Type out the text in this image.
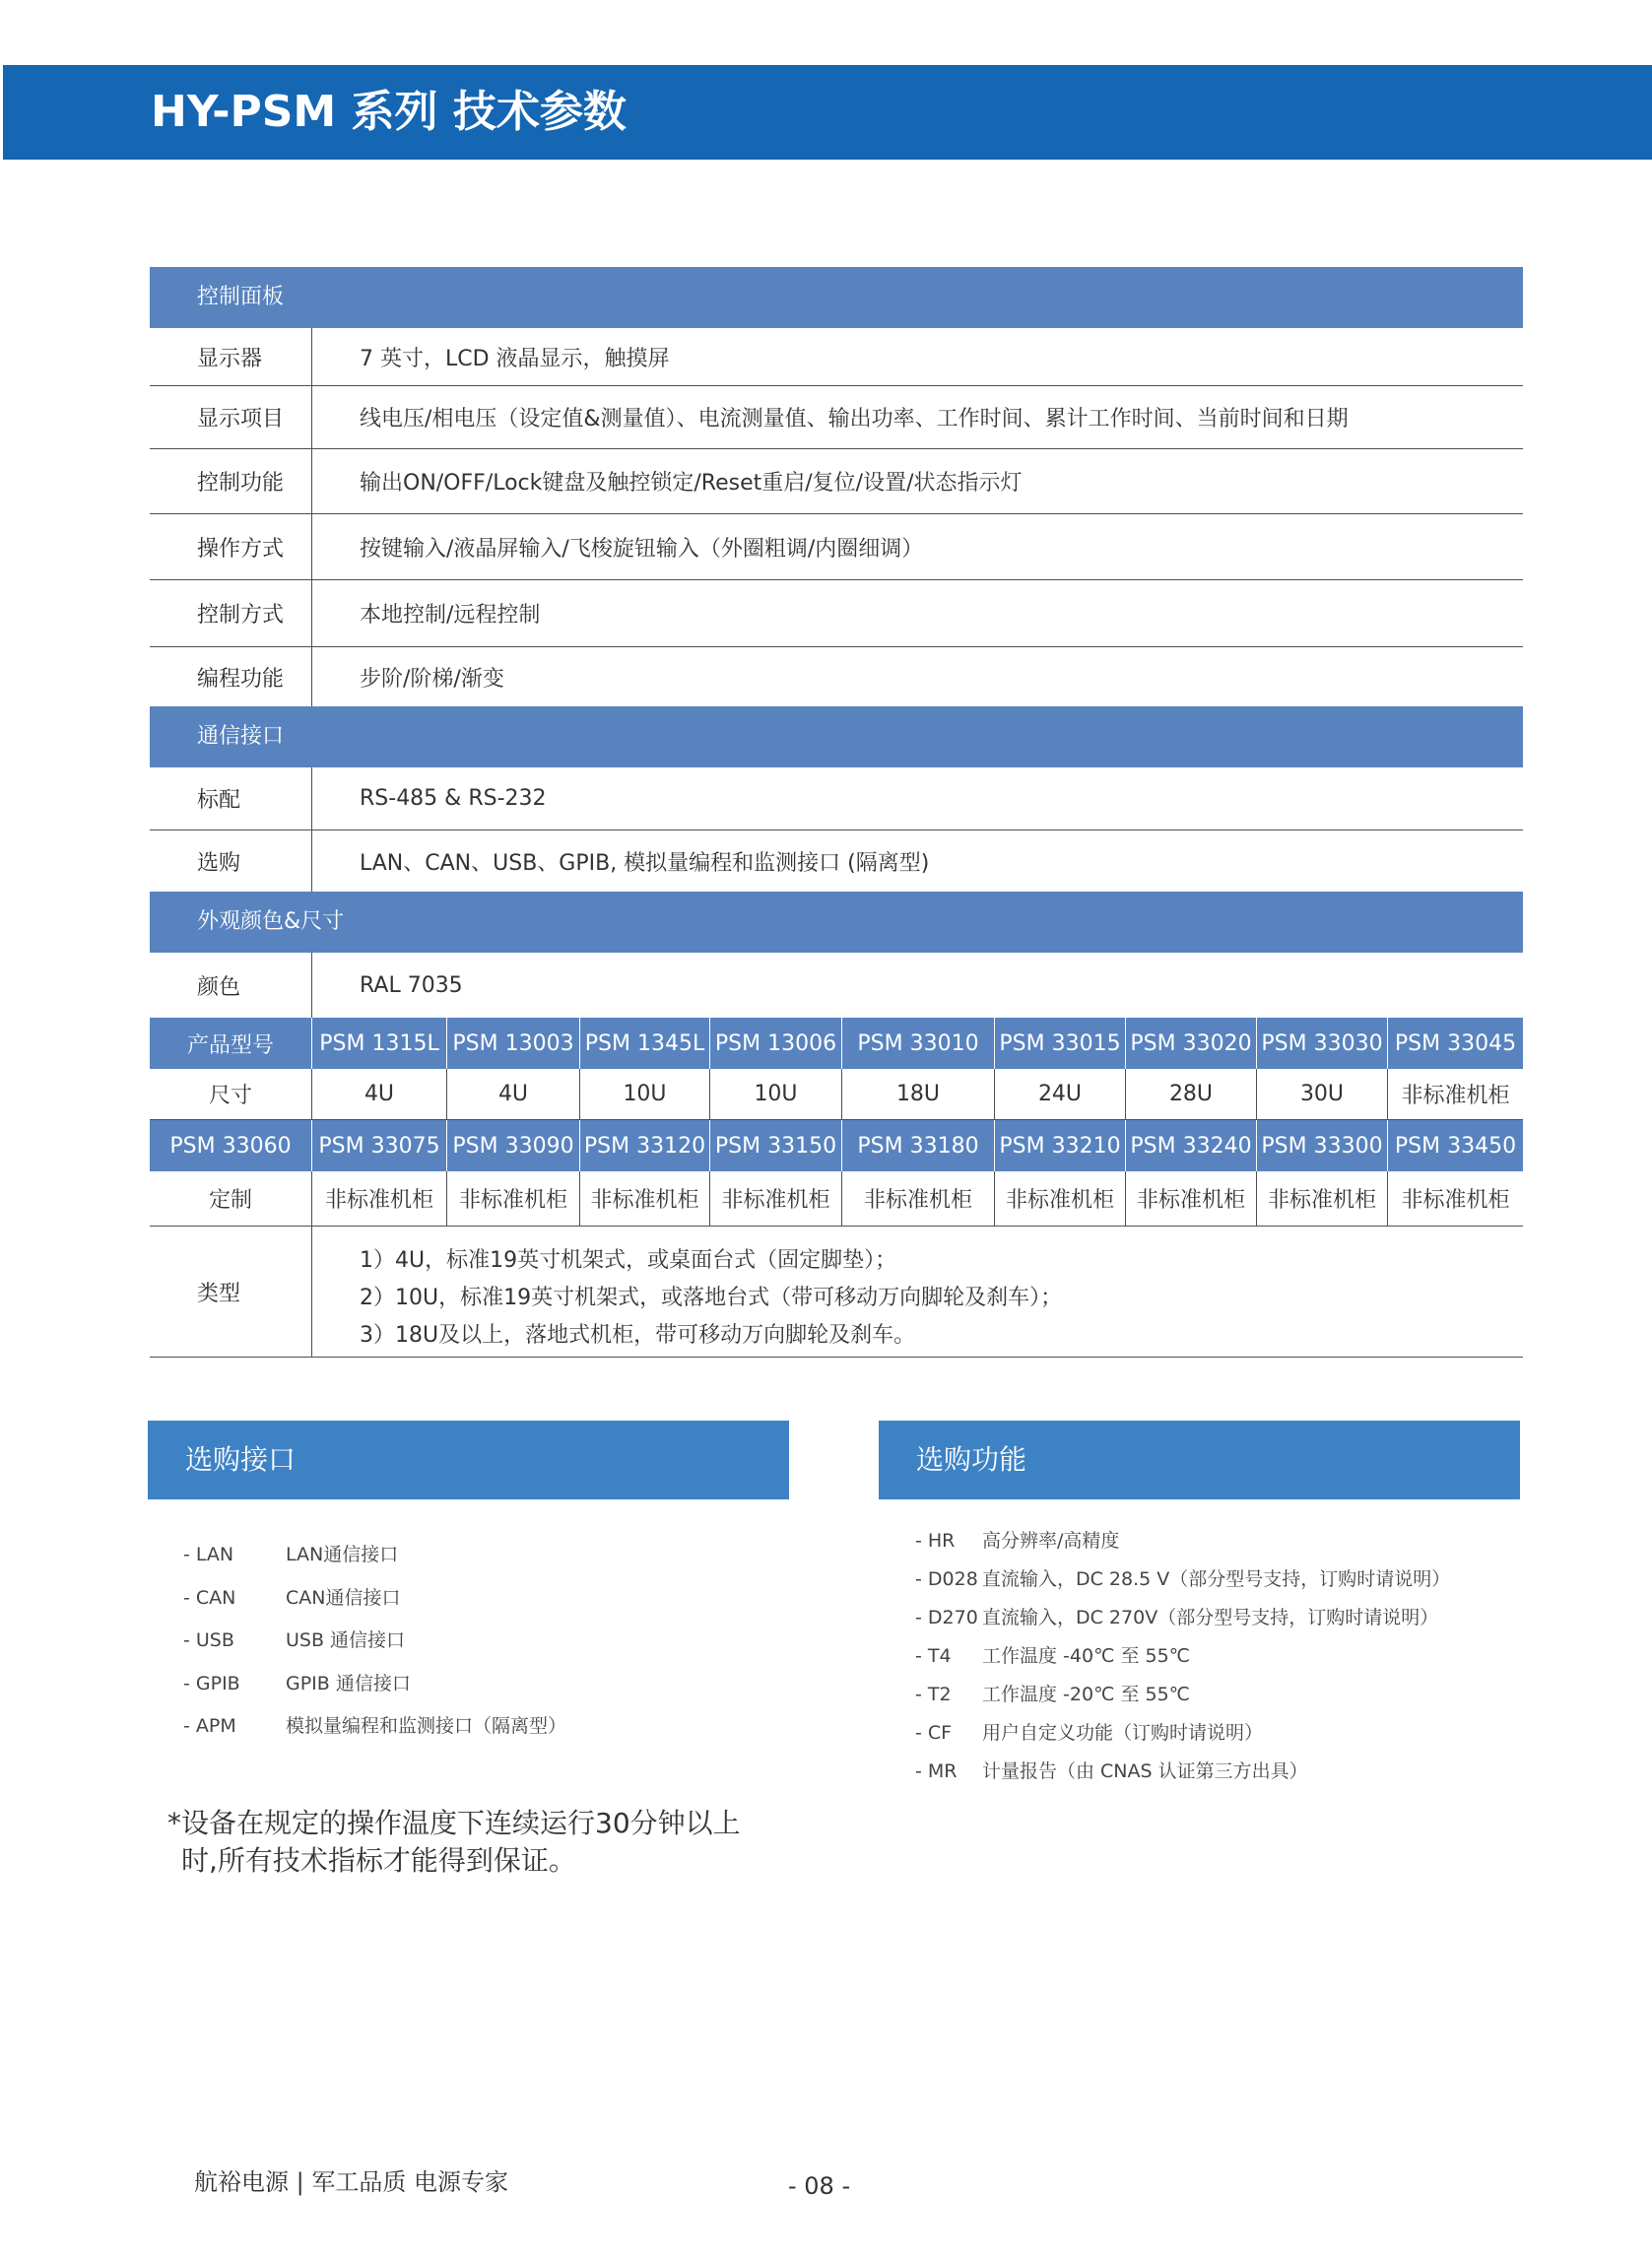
HY-PSM 系列 技术参数
控制面板
显示器	7 英寸，LCD 液晶显示，触摸屏
显示项目	线电压/相电压（设定值&测量值）、电流测量值、输出功率、工作时间、累计工作时间、当前时间和日期
控制功能	输出ON/OFF/Lock键盘及触控锁定/Reset重启/复位/设置/状态指示灯
操作方式	按键输入/液晶屏输入/飞梭旋钮输入（外圈粗调/内圈细调）
控制方式	本地控制/远程控制
编程功能	步阶/阶梯/渐变
通信接口
标配	RS-485 & RS-232
选购	LAN、CAN、USB、GPIB, 模拟量编程和监测接口 (隔离型)
外观颜色&尺寸
颜色	RAL 7035
产品型号	PSM 1315L PSM 13003 PSM 1345L PSM 13006 PSM 33010 PSM 33015 PSM 33020 PSM 33030 PSM 33045
尺寸	4U	4U	10U	10U	18U	24U	28U	30U	非标准机柜
PSM 33060	PSM 33075 PSM 33090 PSM 33120 PSM 33150 PSM 33180 PSM 33210 PSM 33240 PSM 33300 PSM 33450
定制	非标准机柜	非标准机柜	非标准机柜	非标准机柜	非标准机柜	非标准机柜	非标准机柜	非标准机柜	非标准机柜
类型
1）4U，标准19英寸机架式，或桌面台式（固定脚垫）；
2）10U，标准19英寸机架式，或落地台式（带可移动万向脚轮及刹车）；
3）18U及以上，落地式机柜，带可移动万向脚轮及刹车。
选购接口
- LAN	LAN通信接口
- CAN	CAN通信接口
- USB	USB 通信接口
- GPIB	GPIB 通信接口
- APM	模拟量编程和监测接口（隔离型）
选购功能
- HR	高分辨率/高精度
- D028 直流输入，DC 28.5 V（部分型号支持，订购时请说明）
- D270 直流输入，DC 270V（部分型号支持，订购时请说明）
- T4	工作温度 -40℃ 至 55℃
- T2	工作温度 -20℃ 至 55℃
- CF	用户自定义功能（订购时请说明）
- MR	计量报告（由 CNAS 认证第三方出具）
*设备在规定的操作温度下连续运行30分钟以上
时,所有技术指标才能得到保证。
航裕电源 | 军工品质 电源专家	- 08 -
